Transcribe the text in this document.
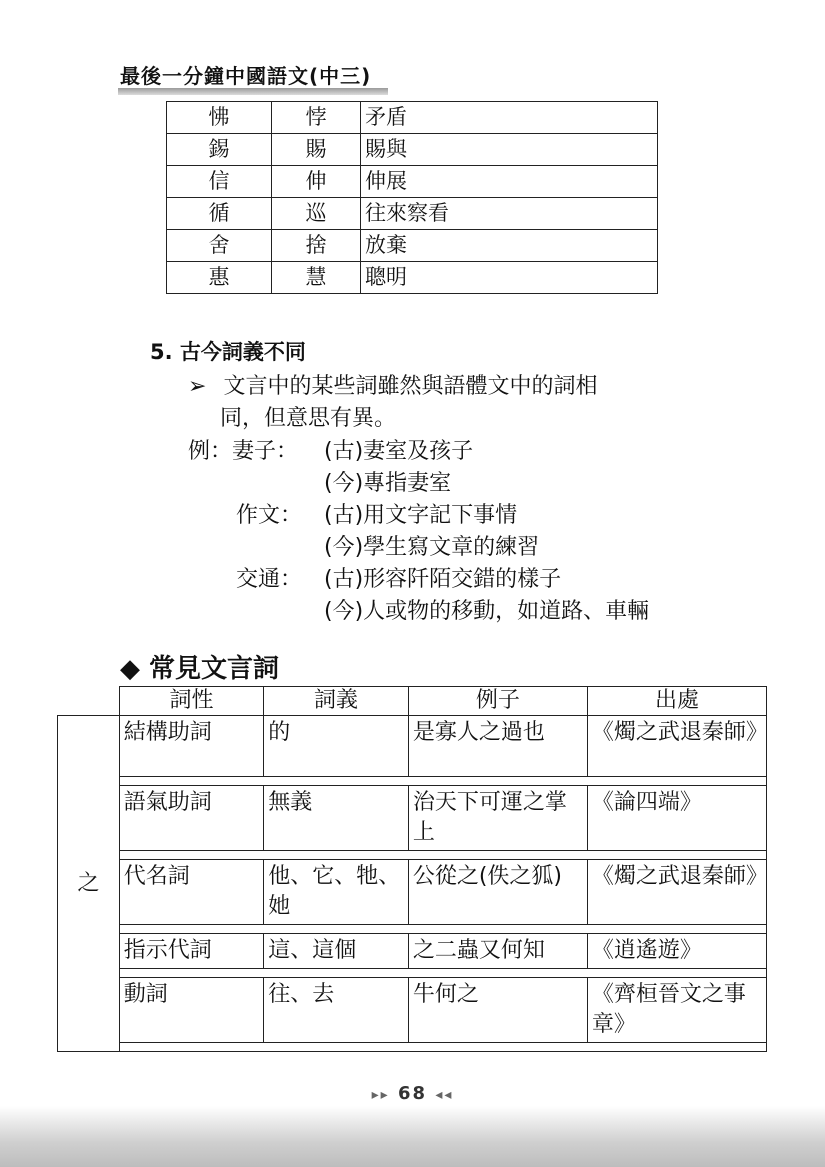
最後一分鐘中國語文(中三)
怫	悖	矛盾
錫	賜	賜與
信	伸	伸展
循	巡	往來察看
舍	捨	放棄
惠	慧	聰明
5. 古今詞義不同
➢ 文言中的某些詞雖然與語體文中的詞相
同，但意思有異。
例：妻子： (古)妻室及孩子
(今)專指妻室
作文： (古)用文字記下事情
(今)學生寫文章的練習
交通： (古)形容阡陌交錯的樣子
(今)人或物的移動，如道路、車輛
◆ 常見文言詞
	詞性	詞義	例子	出處
之	結構助詞	的	是寡人之過也	《燭之武退秦師》

	語氣助詞	無義	治天下可運之掌上	《論四端》

	代名詞	他、它、牠、她	公從之(佚之狐)	《燭之武退秦師》

	指示代詞	這、這個	之二蟲又何知	《逍遙遊》

	動詞	往、去	牛何之	《齊桓晉文之事章》

▸▸ 68 ◂◂
